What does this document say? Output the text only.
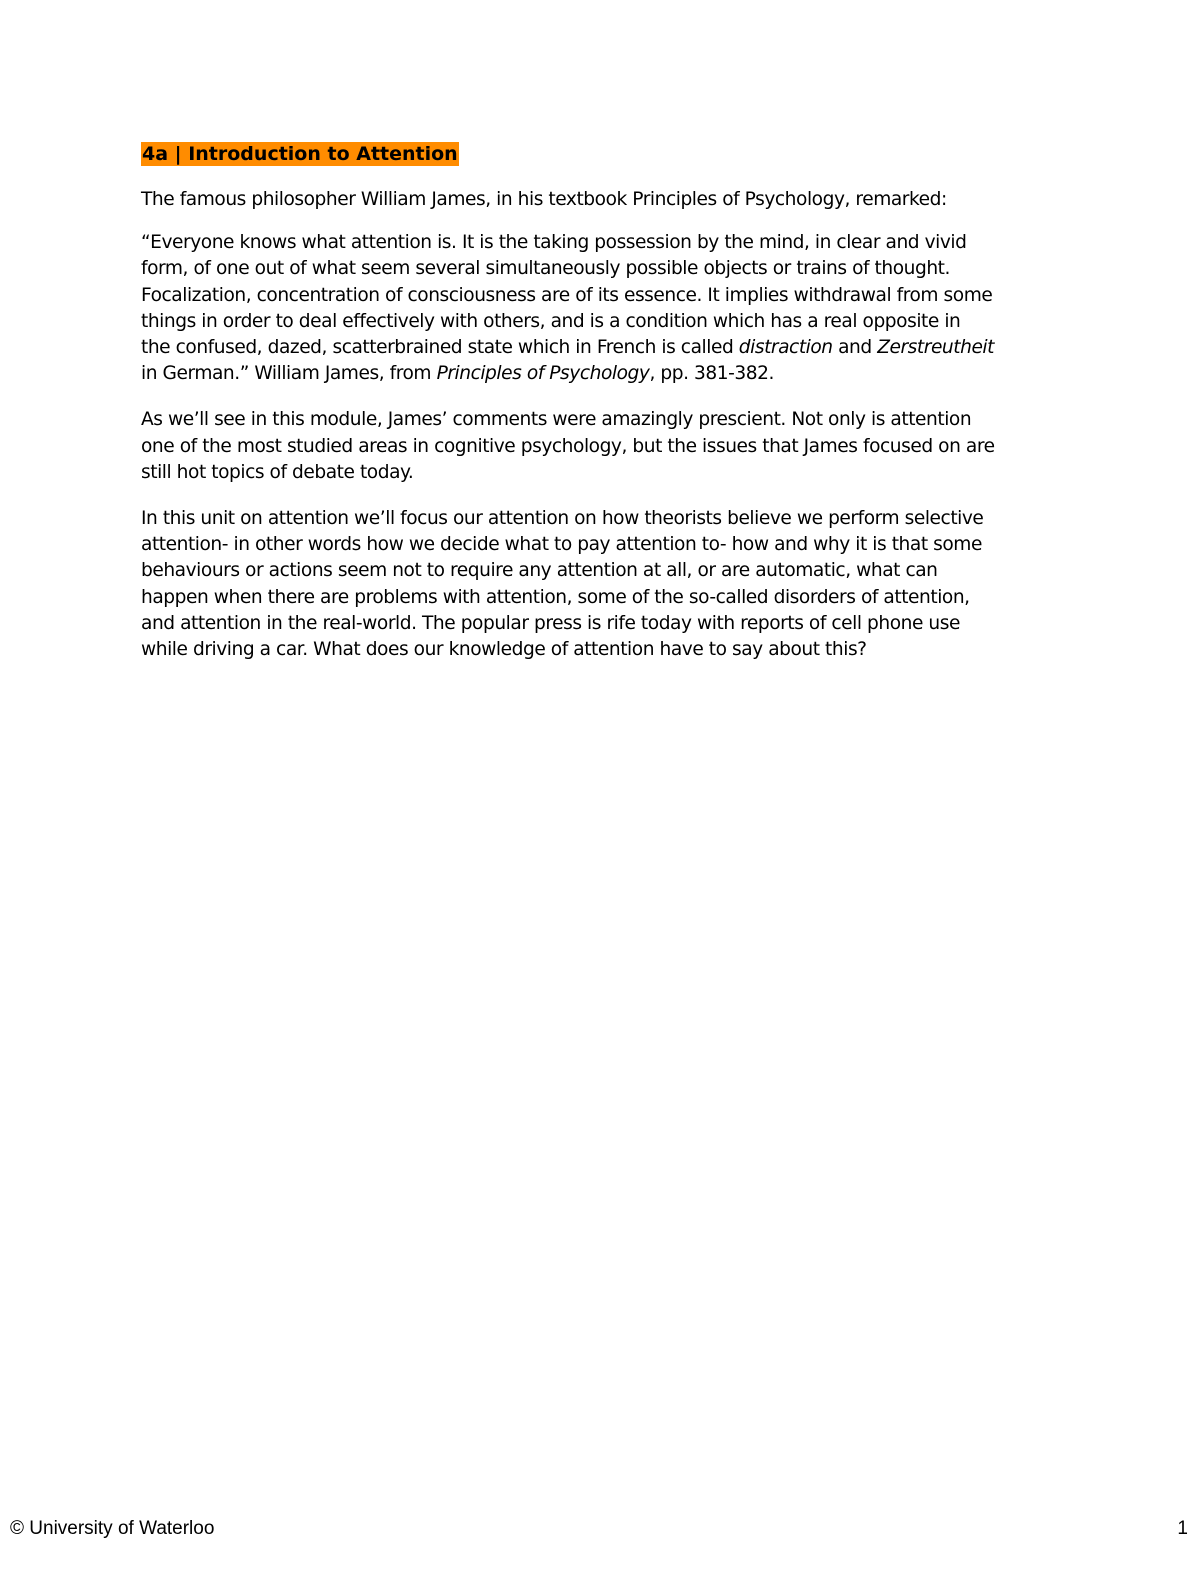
4a | Introduction to Attention

The famous philosopher William James, in his textbook Principles of Psychology, remarked:

“Everyone knows what attention is. It is the taking possession by the mind, in clear and vivid
form, of one out of what seem several simultaneously possible objects or trains of thought.
Focalization, concentration of consciousness are of its essence. It implies withdrawal from some
things in order to deal effectively with others, and is a condition which has a real opposite in
the confused, dazed, scatterbrained state which in French is called distraction and Zerstreutheit
in German.” William James, from Principles of Psychology, pp. 381-382.

As we’ll see in this module, James’ comments were amazingly prescient. Not only is attention
one of the most studied areas in cognitive psychology, but the issues that James focused on are
still hot topics of debate today.

In this unit on attention we’ll focus our attention on how theorists believe we perform selective
attention- in other words how we decide what to pay attention to- how and why it is that some
behaviours or actions seem not to require any attention at all, or are automatic, what can
happen when there are problems with attention, some of the so-called disorders of attention,
and attention in the real-world. The popular press is rife today with reports of cell phone use
while driving a car. What does our knowledge of attention have to say about this?

© University of Waterloo	1
